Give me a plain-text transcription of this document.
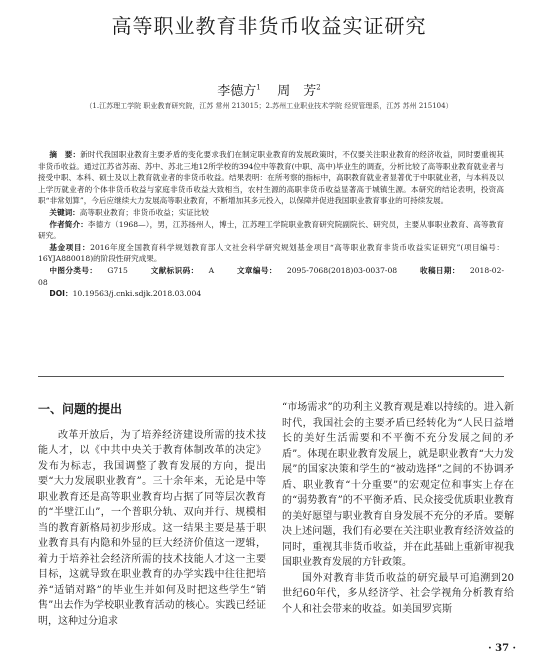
高等职业教育非货币收益实证研究
李德方$^1$ 周　芳$^2$
（1.江苏理工学院 职业教育研究院，江苏 常州 213015；2.苏州工业职业技术学院 经贸管理系，江苏 苏州 215104）

摘　要：新时代我国职业教育主要矛盾的变化要求我们在制定职业教育的发展政策时，不仅要关注职业教育的经济收益，同时要重视其非货币收益。通过江苏省苏南、苏中、苏北三地12所学校的394位中等教育(中职、高中)毕业生的调查，分析比较了高等职业教育就业者与接受中职、本科、硕士及以上教育就业者的非货币收益。结果表明：在所考察的指标中，高职教育就业者显著优于中职就业者，与本科及以上学历就业者的个体非货币收益与家庭非货币收益大致相当，农村生源的高职非货币收益显著高于城镇生源。本研究的结论表明，投资高职“非常划算”，今后应继续大力发展高等职业教育，不断增加其多元投入，以保障并促进我国职业教育事业的可持续发展。

关键词：高等职业教育；非货币收益；实证比较

作者简介：李德方（1968—），男，江苏扬州人，博士，江苏理工学院职业教育研究院副院长、研究员，主要从事职业教育、高等教育研究。

基金项目：2016年度全国教育科学规划教育部人文社会科学研究规划基金项目“高等职业教育非货币收益实证研究”(项目编号：16YJA880018)的阶段性研究成果。

中图分类号： G715	文献标识码： A	文章编号： 2095-7068(2018)03-0037-08	收稿日期： 2018-02-08

DOI：10.19563/j.cnki.sdjk.2018.03.004

一、问题的提出

改革开放后，为了培养经济建设所需的技术技能人才，以《中共中央关于教育体制改革的决定》发布为标志，我国调整了教育发展的方向，提出要“大力发展职业教育”。三十余年来，无论是中等职业教育还是高等职业教育均占据了同等层次教育的“半壁江山”，一个普职分轨、双向并行、规模相当的教育新格局初步形成。这一结果主要是基于职业教育具有内隐和外显的巨大经济价值这一逻辑，着力于培养社会经济所需的技术技能人才这一主要目标，这就导致在职业教育的办学实践中往往把培养“适销对路”的毕业生并如何及时把这些学生“销售”出去作为学校职业教育活动的核心。实践已经证明，这种过分追求

“市场需求”的功利主义教育观是难以持续的。进入新时代，我国社会的主要矛盾已经转化为“人民日益增长的美好生活需要和不平衡不充分发展之间的矛盾”。体现在职业教育发展上，就是职业教育“大力发展”的国家决策和学生的“被动选择”之间的不协调矛盾、职业教育“十分重要”的宏观定位和事实上存在的“弱势教育”的不平衡矛盾、民众接受优质职业教育的美好愿望与职业教育自身发展不充分的矛盾。要解决上述问题，我们有必要在关注职业教育经济效益的同时，重视其非货币收益，并在此基础上重新审视我国职业教育发展的方针政策。

国外对教育非货币收益的研究最早可追溯到20世纪60年代，多从经济学、社会学视角分析教育给个人和社会带来的收益。如美国罗宾斯

· 37 ·
